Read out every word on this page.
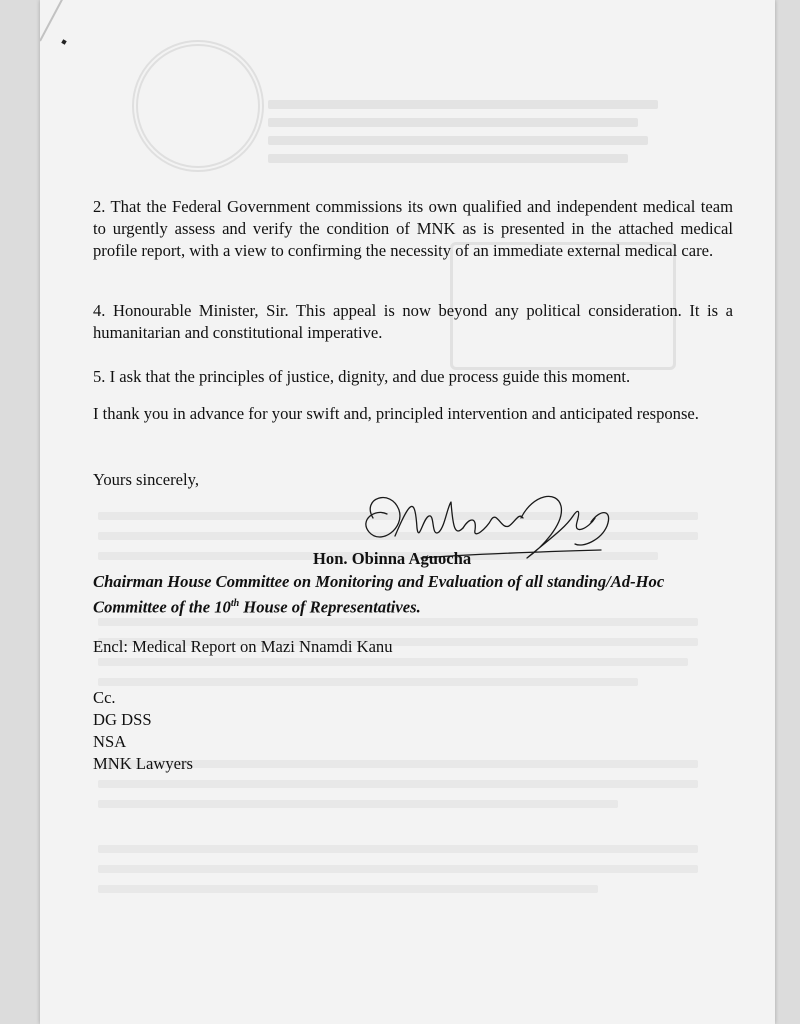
2. That the Federal Government commissions its own qualified and independent medical team to urgently assess and verify the condition of MNK as is presented in the attached medical profile report, with a view to confirming the necessity of an immediate external medical care.

4. Honourable Minister, Sir. This appeal is now beyond any political consideration. It is a humanitarian and constitutional imperative.

5. I ask that the principles of justice, dignity, and due process guide this moment.

I thank you in advance for your swift and, principled intervention and anticipated response.

Yours sincerely,

Hon. Obinna Aguocha

Chairman House Committee on Monitoring and Evaluation of all standing/Ad-Hoc Committee of the 10th House of Representatives.

Encl: Medical Report on Mazi Nnamdi Kanu

Cc.
DG DSS
NSA
MNK Lawyers
